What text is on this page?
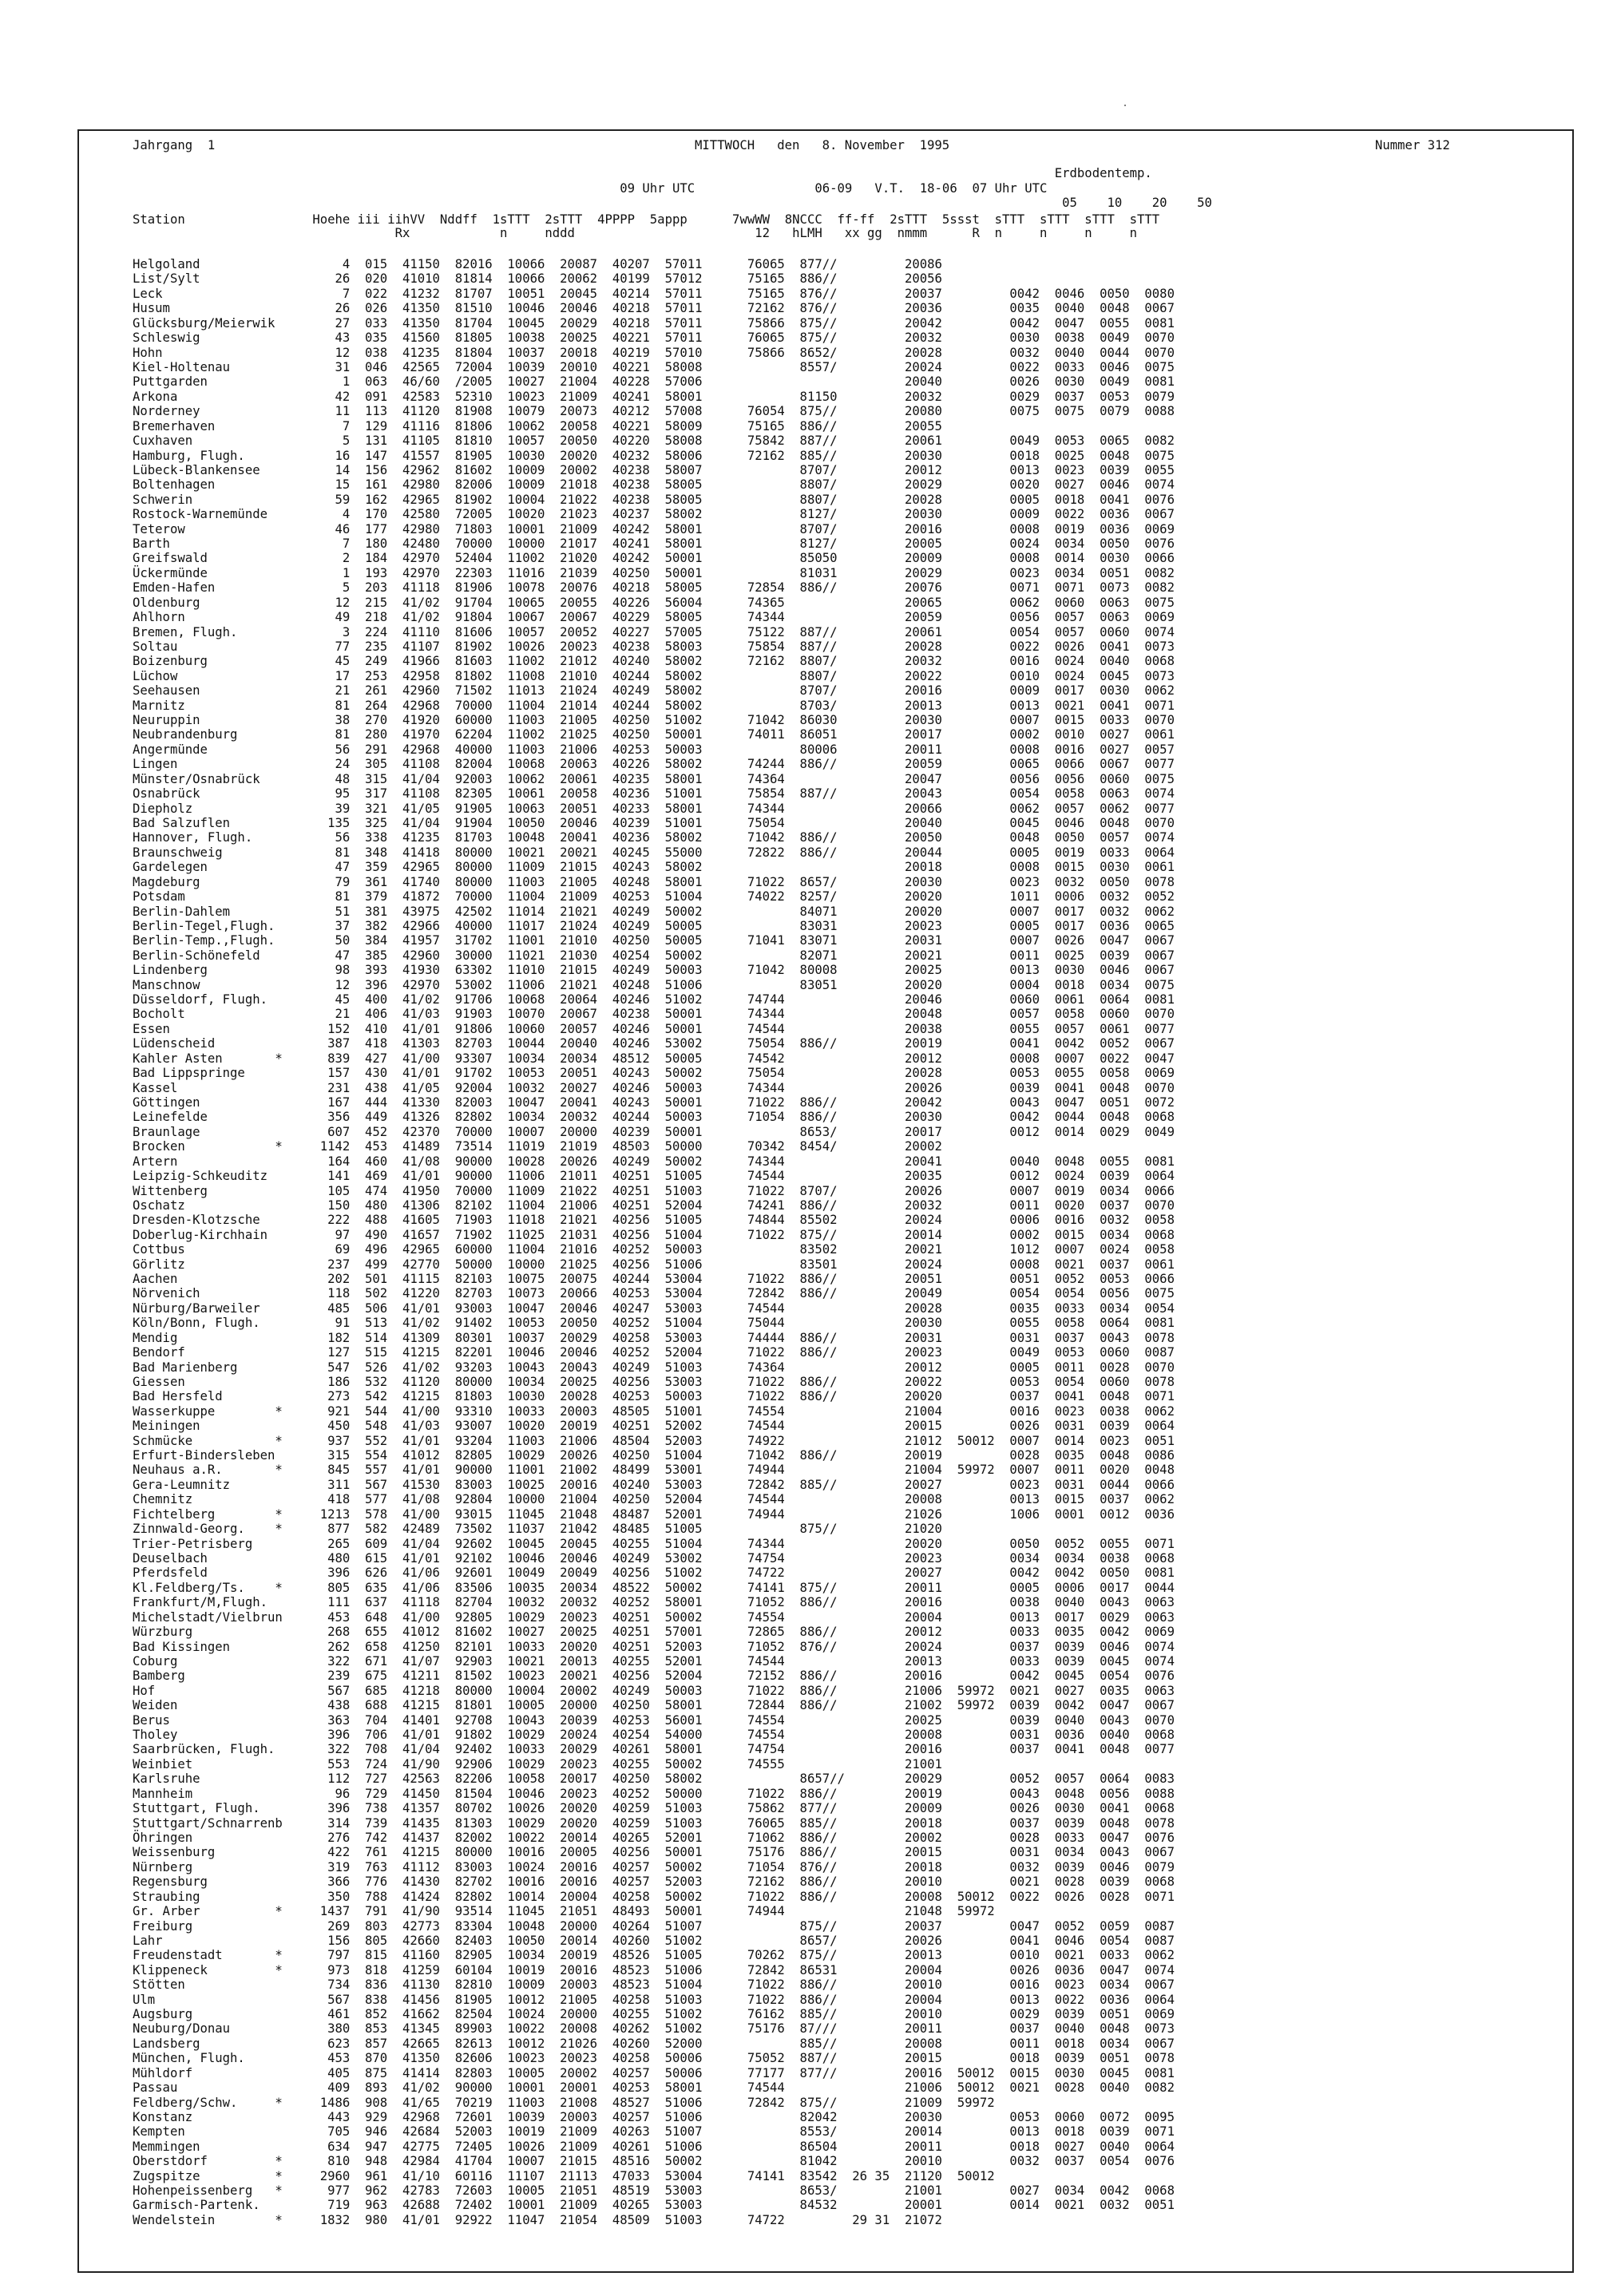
Jahrgang  1	MITTWOCH   den   8. November  1995	Nummer 312
Erdbodentemp.
09 Uhr UTC                06-09   V.T.  18-06  07 Uhr UTC
05    10    20    50
Station                 Hoehe iii iihVV  Nddff  1sTTT  2sTTT  4PPPP  5appp      7wwWW  8NCCC  ff-ff  2sTTT  5ssst  sTTT  sTTT  sTTT  sTTT
Rx            n     nddd                        12   hLMH   xx gg  nmmm      R  n     n     n     n
Helgoland                   4  015  41150  82016  10066  20087  40207  57011      76065  877//         20086
List/Sylt                  26  020  41010  81814  10066  20062  40199  57012      75165  886//         20056
Leck                        7  022  41232  81707  10051  20045  40214  57011      75165  876//         20037         0042  0046  0050  0080
Husum                      26  026  41350  81510  10046  20046  40218  57011      72162  876//         20036         0035  0040  0048  0067
Glücksburg/Meierwik        27  033  41350  81704  10045  20029  40218  57011      75866  875//         20042         0042  0047  0055  0081
Schleswig                  43  035  41560  81805  10038  20025  40221  57011      76065  875//         20032         0030  0038  0049  0070
Hohn                       12  038  41235  81804  10037  20018  40219  57010      75866  8652/         20028         0032  0040  0044  0070
Kiel-Holtenau              31  046  42565  72004  10039  20010  40221  58008             8557/         20024         0022  0033  0046  0075
Puttgarden                  1  063  46/60  /2005  10027  21004  40228  57006                           20040         0026  0030  0049  0081
Arkona                     42  091  42583  52310  10023  21009  40241  58001             81150         20032         0029  0037  0053  0079
Norderney                  11  113  41120  81908  10079  20073  40212  57008      76054  875//         20080         0075  0075  0079  0088
Bremerhaven                 7  129  41116  81806  10062  20058  40221  58009      75165  886//         20055
Cuxhaven                    5  131  41105  81810  10057  20050  40220  58008      75842  887//         20061         0049  0053  0065  0082
Hamburg, Flugh.            16  147  41557  81905  10030  20020  40232  58006      72162  885//         20030         0018  0025  0048  0075
Lübeck-Blankensee          14  156  42962  81602  10009  20002  40238  58007             8707/         20012         0013  0023  0039  0055
Boltenhagen                15  161  42980  82006  10009  21018  40238  58005             8807/         20029         0020  0027  0046  0074
Schwerin                   59  162  42965  81902  10004  21022  40238  58005             8807/         20028         0005  0018  0041  0076
Rostock-Warnemünde          4  170  42580  72005  10020  21023  40237  58002             8127/         20030         0009  0022  0036  0067
Teterow                    46  177  42980  71803  10001  21009  40242  58001             8707/         20016         0008  0019  0036  0069
Barth                       7  180  42480  70000  10000  21017  40241  58001             8127/         20005         0024  0034  0050  0076
Greifswald                  2  184  42970  52404  11002  21020  40242  50001             85050         20009         0008  0014  0030  0066
Ückermünde                  1  193  42970  22303  11016  21039  40250  50001             81031         20029         0023  0034  0051  0082
Emden-Hafen                 5  203  41118  81906  10078  20076  40218  58005      72854  886//         20076         0071  0071  0073  0082
Oldenburg                  12  215  41/02  91704  10065  20055  40226  56004      74365                20065         0062  0060  0063  0075
Ahlhorn                    49  218  41/02  91804  10067  20067  40229  58005      74344                20059         0056  0057  0063  0069
Bremen, Flugh.              3  224  41110  81606  10057  20052  40227  57005      75122  887//         20061         0054  0057  0060  0074
Soltau                     77  235  41107  81902  10026  20023  40238  58003      75854  887//         20028         0022  0026  0041  0073
Boizenburg                 45  249  41966  81603  11002  21012  40240  58002      72162  8807/         20032         0016  0024  0040  0068
Lüchow                     17  253  42958  81802  11008  21010  40244  58002             8807/         20022         0010  0024  0045  0073
Seehausen                  21  261  42960  71502  11013  21024  40249  58002             8707/         20016         0009  0017  0030  0062
Marnitz                    81  264  42968  70000  11004  21014  40244  58002             8703/         20013         0013  0021  0041  0071
Neuruppin                  38  270  41920  60000  11003  21005  40250  51002      71042  86030         20030         0007  0015  0033  0070
Neubrandenburg             81  280  41970  62204  11002  21025  40250  50001      74011  86051         20017         0002  0010  0027  0061
Angermünde                 56  291  42968  40000  11003  21006  40253  50003             80006         20011         0008  0016  0027  0057
Lingen                     24  305  41108  82004  10068  20063  40226  58002      74244  886//         20059         0065  0066  0067  0077
Münster/Osnabrück          48  315  41/04  92003  10062  20061  40235  58001      74364                20047         0056  0056  0060  0075
Osnabrück                  95  317  41108  82305  10061  20058  40236  51001      75854  887//         20043         0054  0058  0063  0074
Diepholz                   39  321  41/05  91905  10063  20051  40233  58001      74344                20066         0062  0057  0062  0077
Bad Salzuflen             135  325  41/04  91904  10050  20046  40239  51001      75054                20040         0045  0046  0048  0070
Hannover, Flugh.           56  338  41235  81703  10048  20041  40236  58002      71042  886//         20050         0048  0050  0057  0074
Braunschweig               81  348  41418  80000  10021  20021  40245  55000      72822  886//         20044         0005  0019  0033  0064
Gardelegen                 47  359  42965  80000  11009  21015  40243  58002                           20018         0008  0015  0030  0061
Magdeburg                  79  361  41740  80000  11003  21005  40248  58001      71022  8657/         20030         0023  0032  0050  0078
Potsdam                    81  379  41872  70000  11004  21009  40253  51004      74022  8257/         20020         1011  0006  0032  0052
Berlin-Dahlem              51  381  43975  42502  11014  21021  40249  50002             84071         20020         0007  0017  0032  0062
Berlin-Tegel,Flugh.        37  382  42966  40000  11017  21024  40249  50005             83031         20023         0005  0017  0036  0065
Berlin-Temp.,Flugh.        50  384  41957  31702  11001  21010  40250  50005      71041  83071         20031         0007  0026  0047  0067
Berlin-Schönefeld          47  385  42960  30000  11021  21030  40254  50002             82071         20021         0011  0025  0039  0067
Lindenberg                 98  393  41930  63302  11010  21015  40249  50003      71042  80008         20025         0013  0030  0046  0067
Manschnow                  12  396  42970  53002  11006  21021  40248  51006             83051         20020         0004  0018  0034  0075
Düsseldorf, Flugh.         45  400  41/02  91706  10068  20064  40246  51002      74744                20046         0060  0061  0064  0081
Bocholt                    21  406  41/03  91903  10070  20067  40238  50001      74344                20048         0057  0058  0060  0070
Essen                     152  410  41/01  91806  10060  20057  40246  50001      74544                20038         0055  0057  0061  0077
Lüdenscheid               387  418  41303  82703  10044  20040  40246  53002      75054  886//         20019         0041  0042  0052  0067
Kahler Asten       *      839  427  41/00  93307  10034  20034  48512  50005      74542                20012         0008  0007  0022  0047
Bad Lippspringe           157  430  41/01  91702  10053  20051  40243  50002      75054                20028         0053  0055  0058  0069
Kassel                    231  438  41/05  92004  10032  20027  40246  50003      74344                20026         0039  0041  0048  0070
Göttingen                 167  444  41330  82003  10047  20041  40243  50001      71022  886//         20042         0043  0047  0051  0072
Leinefelde                356  449  41326  82802  10034  20032  40244  50003      71054  886//         20030         0042  0044  0048  0068
Braunlage                 607  452  42370  70000  10007  20000  40239  50001             8653/         20017         0012  0014  0029  0049
Brocken            *     1142  453  41489  73514  11019  21019  48503  50000      70342  8454/         20002
Artern                    164  460  41/08  90000  10028  20026  40249  50002      74344                20041         0040  0048  0055  0081
Leipzig-Schkeuditz        141  469  41/01  90000  11006  21011  40251  51005      74544                20035         0012  0024  0039  0064
Wittenberg                105  474  41950  70000  11009  21022  40251  51003      71022  8707/         20026         0007  0019  0034  0066
Oschatz                   150  480  41306  82102  11004  21006  40251  52004      74241  886//         20032         0011  0020  0037  0070
Dresden-Klotzsche         222  488  41605  71903  11018  21021  40256  51005      74844  85502         20024         0006  0016  0032  0058
Doberlug-Kirchhain         97  490  41657  71902  11025  21031  40256  51004      71022  875//         20014         0002  0015  0034  0068
Cottbus                    69  496  42965  60000  11004  21016  40252  50003             83502         20021         1012  0007  0024  0058
Görlitz                   237  499  42770  50000  10000  21025  40256  51006             83501         20024         0008  0021  0037  0061
Aachen                    202  501  41115  82103  10075  20075  40244  53004      71022  886//         20051         0051  0052  0053  0066
Nörvenich                 118  502  41220  82703  10073  20066  40253  53004      72842  886//         20049         0054  0054  0056  0075
Nürburg/Barweiler         485  506  41/01  93003  10047  20046  40247  53003      74544                20028         0035  0033  0034  0054
Köln/Bonn, Flugh.          91  513  41/02  91402  10053  20050  40252  51004      75044                20030         0055  0058  0064  0081
Mendig                    182  514  41309  80301  10037  20029  40258  53003      74444  886//         20031         0031  0037  0043  0078
Bendorf                   127  515  41215  82201  10046  20046  40252  52004      71022  886//         20023         0049  0053  0060  0087
Bad Marienberg            547  526  41/02  93203  10043  20043  40249  51003      74364                20012         0005  0011  0028  0070
Giessen                   186  532  41120  80000  10034  20025  40256  53003      71022  886//         20022         0053  0054  0060  0078
Bad Hersfeld              273  542  41215  81803  10030  20028  40253  50003      71022  886//         20020         0037  0041  0048  0071
Wasserkuppe        *      921  544  41/00  93310  10033  20003  48505  51001      74554                21004         0016  0023  0038  0062
Meiningen                 450  548  41/03  93007  10020  20019  40251  52002      74544                20015         0026  0031  0039  0064
Schmücke           *      937  552  41/01  93204  11003  21006  48504  52003      74922                21012  50012  0007  0014  0023  0051
Erfurt-Bindersleben       315  554  41012  82805  10029  20026  40250  51004      71042  886//         20019         0028  0035  0048  0086
Neuhaus a.R.       *      845  557  41/01  90000  11001  21002  48499  53001      74944                21004  59972  0007  0011  0020  0048
Gera-Leumnitz             311  567  41530  83003  10025  20016  40240  53003      72842  885//         20027         0023  0031  0044  0066
Chemnitz                  418  577  41/08  92804  10000  21004  40250  52004      74544                20008         0013  0015  0037  0062
Fichtelberg        *     1213  578  41/00  93015  11045  21048  48487  52001      74944                21026         1006  0001  0012  0036
Zinnwald-Georg.    *      877  582  42489  73502  11037  21042  48485  51005             875//         21020
Trier-Petrisberg          265  609  41/04  92602  10045  20045  40255  51004      74344                20020         0050  0052  0055  0071
Deuselbach                480  615  41/01  92102  10046  20046  40249  53002      74754                20023         0034  0034  0038  0068
Pferdsfeld                396  626  41/06  92601  10049  20049  40256  51002      74722                20027         0042  0042  0050  0081
Kl.Feldberg/Ts.    *      805  635  41/06  83506  10035  20034  48522  50002      74141  875//         20011         0005  0006  0017  0044
Frankfurt/M,Flugh.        111  637  41118  82704  10032  20032  40252  58001      71052  886//         20016         0038  0040  0043  0063
Michelstadt/Vielbrun      453  648  41/00  92805  10029  20023  40251  50002      74554                20004         0013  0017  0029  0063
Würzburg                  268  655  41012  81602  10027  20025  40251  57001      72865  886//         20012         0033  0035  0042  0069
Bad Kissingen             262  658  41250  82101  10033  20020  40251  52003      71052  876//         20024         0037  0039  0046  0074
Coburg                    322  671  41/07  92903  10021  20013  40255  52001      74544                20013         0033  0039  0045  0074
Bamberg                   239  675  41211  81502  10023  20021  40256  52004      72152  886//         20016         0042  0045  0054  0076
Hof                       567  685  41218  80000  10004  20002  40249  50003      71022  886//         21006  59972  0021  0027  0035  0063
Weiden                    438  688  41215  81801  10005  20000  40250  58001      72844  886//         21002  59972  0039  0042  0047  0067
Berus                     363  704  41401  92708  10043  20039  40253  56001      74554                20025         0039  0040  0043  0070
Tholey                    396  706  41/01  91802  10029  20024  40254  54000      74554                20008         0031  0036  0040  0068
Saarbrücken, Flugh.       322  708  41/04  92402  10033  20029  40261  58001      74754                20016         0037  0041  0048  0077
Weinbiet                  553  724  41/90  92906  10029  20023  40255  50002      74555                21001
Karlsruhe                 112  727  42563  82206  10058  20017  40250  58002             8657//        20029         0052  0057  0064  0083
Mannheim                   96  729  41450  81504  10046  20023  40252  50000      71022  886//         20019         0043  0048  0056  0088
Stuttgart, Flugh.         396  738  41357  80702  10026  20020  40259  51003      75862  877//         20009         0026  0030  0041  0068
Stuttgart/Schnarrenb      314  739  41435  81303  10029  20020  40259  51003      76065  885//         20018         0037  0039  0048  0078
Öhringen                  276  742  41437  82002  10022  20014  40265  52001      71062  886//         20002         0028  0033  0047  0076
Weissenburg               422  761  41215  80000  10016  20005  40256  50001      75176  886//         20015         0031  0034  0043  0067
Nürnberg                  319  763  41112  83003  10024  20016  40257  50002      71054  876//         20018         0032  0039  0046  0079
Regensburg                366  776  41430  82702  10016  20016  40257  52003      72162  886//         20010         0021  0028  0039  0068
Straubing                 350  788  41424  82802  10014  20004  40258  50002      71022  886//         20008  50012  0022  0026  0028  0071
Gr. Arber          *     1437  791  41/90  93514  11045  21051  48493  50001      74944                21048  59972
Freiburg                  269  803  42773  83304  10048  20000  40264  51007             875//         20037         0047  0052  0059  0087
Lahr                      156  805  42660  82403  10050  20014  40260  51002             8657/         20026         0041  0046  0054  0087
Freudenstadt       *      797  815  41160  82905  10034  20019  48526  51005      70262  875//         20013         0010  0021  0033  0062
Klippeneck         *      973  818  41259  60104  10019  20016  48523  51006      72842  86531         20004         0026  0036  0047  0074
Stötten                   734  836  41130  82810  10009  20003  48523  51004      71022  886//         20010         0016  0023  0034  0067
Ulm                       567  838  41456  81905  10012  21005  40258  51003      71022  886//         20004         0013  0022  0036  0064
Augsburg                  461  852  41662  82504  10024  20000  40255  51002      76162  885//         20010         0029  0039  0051  0069
Neuburg/Donau             380  853  41345  89903  10022  20008  40262  51002      75176  87///         20011         0037  0040  0048  0073
Landsberg                 623  857  42665  82613  10012  21026  40260  52000             885//         20008         0011  0018  0034  0067
München, Flugh.           453  870  41350  82606  10023  20023  40258  50006      75052  887//         20015         0018  0039  0051  0078
Mühldorf                  405  875  41414  82803  10005  20002  40257  50006      77177  877//         20016  50012  0015  0030  0045  0081
Passau                    409  893  41/02  90000  10001  20001  40253  58001      74544                21006  50012  0021  0028  0040  0082
Feldberg/Schw.     *     1486  908  41/65  70219  11003  21008  48527  51006      72842  875//         21009  59972
Konstanz                  443  929  42968  72601  10039  20003  40257  51006             82042         20030         0053  0060  0072  0095
Kempten                   705  946  42684  52003  10019  21009  40263  51007             8553/         20014         0013  0018  0039  0071
Memmingen                 634  947  42775  72405  10026  21009  40261  51006             86504         20011         0018  0027  0040  0064
Oberstdorf         *      810  948  42984  41704  10007  21015  48516  50002             81042         20010         0032  0037  0054  0076
Zugspitze          *     2960  961  41/10  60116  11107  21113  47033  53004      74141  83542  26 35  21120  50012
Hohenpeissenberg   *      977  962  42783  72603  10005  21051  48519  53003             8653/         21001         0027  0034  0042  0068
Garmisch-Partenk.         719  963  42688  72402  10001  21009  40265  53003             84532         20001         0014  0021  0032  0051
Wendelstein        *     1832  980  41/01  92922  11047  21054  48509  51003      74722         29 31  21072
